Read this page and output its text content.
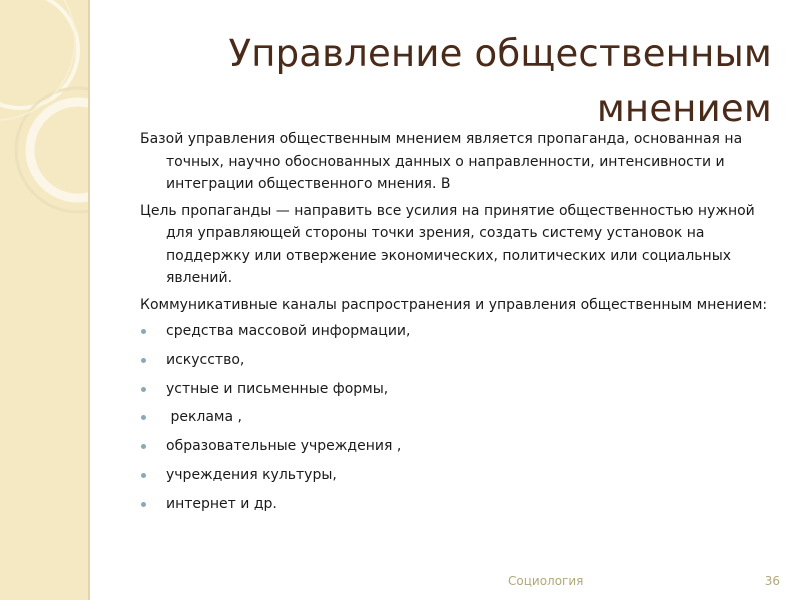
Управление общественным
мнением

Базой управления общественным мнением является пропаганда, основанная на точных, научно обоснованных данных о направленности, интенсивности и интеграции общественного мнения. В

Цель пропаганды — направить все усилия на принятие общественностью нужной для управляющей стороны точки зрения, создать систему установок на поддержку или отвержение экономических, политических или социальных явлений.

Коммуникативные каналы распространения и управления общественным мнением:

средства массовой информации,
искусство,
устные и письменные формы,
реклама ,
образовательные учреждения ,
учреждения культуры,
интернет и др.
Социология	36
